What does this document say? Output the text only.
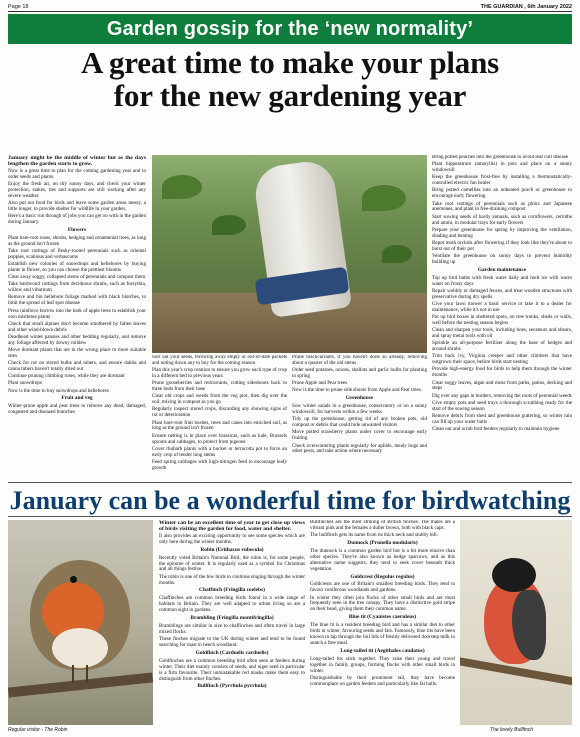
Page 18	THE GUARDIAN , 6th January 2022
Garden gossip for the ‘new normality’
A great time to make your plans
for the new gardening year

January might be the middle of winter but as the days lengthen the garden starts to grow.

Now is a great time to plan for the coming gardening year and to order seeds and plants.

Enjoy the fresh air, on dry sunny days, and check your winter protection, stakes, ties and supports are still working after any severe weather.

Also put out food for birds and leave some garden areas messy, a little longer, to provide shelter for wildlife in your garden.

Here's a basic run through of jobs you can get on with in the garden during January.

Flowers

Plant bare-root roses, shrubs, hedging and ornamental trees, as long as the ground isn't frozen

Take root cuttings of fleshy-rooted perennials such as oriental poppies, scabious and verbascums

Establish new colonies of snowdrops and hellebores by buying plants in flower, so you can choose the prettiest blooms

Clear away soggy, collapsed stems of perennials and compost them

Take hardwood cuttings from deciduous shrubs, such as forsythia, willow and viburnum

Remove and bin hellebore foliage marked with black blotches, to limit the spread of leaf spot disease

Press rainforce borrow into the bark of apple trees to establish your own mistletoe plants

Check that small alpines don't become smothered by fallen leaves and other wind-blown debris

Deadhead winter pansies and other bedding regularly, and remove any foliage affected by downy mildew

Move dormant plants that are in the wrong place to more suitable sites

Check for rot on stored bulbs and tubers, and ensure dahlia and canna tubers haven't totally dried out

Continue pruning climbing roses, while they are dormant

Plant snowdrops

Now is the time to buy snowdrops and hellebores

Fruit and veg

Winter-prune apple and pear trees to remove any dead, damaged, congested and diseased branches

Sort out your seeds, throwing away empty or out-of-date packets and noting down any to buy for the coming season

Plan this year's crop rotation to ensure you grow each type of crop in a different bed to previous years

Prune gooseberries and redcurrants, cutting sideshoots back to three buds from their base

Clear old crops and weeds from the veg plot, then dig over the soil, mixing in compost as you go

Regularly inspect stored crops, discarding any showing signs of rot or deterioration

Plant bare-root fruit bushes, trees and canes into enriched soil, as long as the ground isn't frozen

Ensure netting is in place over brassicas, such as kale, Brussels sprouts and cabbages, to protect from pigeons

Cover rhubarb plants with a bucket or terracotta pot to force an early crop of tender long stems

Feed spring cabbages with high-nitrogen feed to encourage leafy growth

Prune blackcurrants, if you haven't done so already, removing about a quarter of the old stems

Order seed potatoes, onions, shallots and garlic bulbs for planting in spring

Prune Apple and Pear trees

Now is the time to prune side shoots from Apple and Pear trees.

Greenhouse

Sow winter salads in a greenhouse, conservatory or on a sunny windowsill, for harvests within a few weeks

Tidy up the greenhouse, getting rid of any broken pots, old compost or debris that could hide unwanted visitors

Move potted strawberry plants under cover to encourage early fruiting

Check overwintering plants regularly for aphids, mealy bugs and other pests, and take action where necessary

Bring potted peaches into the greenhouse to avoid leaf curl disease

Plant hippeastrum (amaryllis) in pots and place on a sunny windowsill

Keep the greenhouse frost-free by installing a thermostatically-controlled electric fan heater

Bring potted camellias into an unheated porch or greenhouse to encourage early flowering

Take root cuttings of perennials such as phlox and Japanese anemones, and plant in free-draining compost

Start sowing seeds of hardy annuals, such as cornflowers, cerinthe and ammi, in modular trays for early flowers

Prepare your greenhouse for spring by improving the ventilation, shading and heating

Repot moth orchids after flowering if they look like they're about to burst out of their pot

Ventilate the greenhouse on sunny days to prevent humidity building up

Garden maintenance

Top up bird baths with fresh water daily and melt ice with warm water on frosty days

Repair wobbly or damaged fences, and treat wooden structures with preservative during dry spells

Give your lawn mower a basic service or take it to a dealer for maintenance, while it's not in use

Put up bird boxes in sheltered spots, on tree trunks, sheds or walls, well before the nesting season begins

Clean and sharpen your tools, including hoes, secateurs and shears, and spray metal tools with oil

Sprinkle an all-purpose fertiliser along the base of hedges and around shrubs

Trim back ivy, Virginia creeper and other climbers that have outgrown their space, before birds start nesting

Provide high-energy food for birds to help them through the winter months

Clear soggy leaves, algae and moss from paths, patios, decking and steps

Dig over any gaps in borders, removing the roots of perennial weeds

Give empty pots and seed trays a thorough scrubbing ready for the start of the sowing season

Remove debris from shed and greenhouse guttering, so winter rain can fill up your water butts

Clean out and scrub bird feeders regularly to maintain hygiene

January can be a wonderful time for birdwatching
Regular visitor - The Robin

Winter can be an excellent time of year to get close up views of birds visiting the garden for food, water and shelter.

It also provides an exciting opportunity to see some species which are only here during the winter months.

Robin (Erithacus rubecula)

Recently voted Britain's National Bird, the robin is, for some people, the epitome of winter. It is regularly used as a symbol for Christmas and all things festive.

The robin is one of the few birds to continue singing through the winter months.

Chaffinch (Fringilla coelebs)

Chaffinches are common breeding birds found in a wide range of habitats in Britain. They are well adapted to urban living so are a common sight in gardens.

Brambling (Fringilla montifringilla)

Bramblings are similar in size to chaffinches and often travel in large mixed flocks.

These finches migrate to the UK during winter and tend to be found searching for mast in beech woodland.

Goldfinch (Carduelis carduelis)

Goldfinches are a common breeding bird often seen at feeders during winter. Their diet mainly consists of seeds, and niger seed in particular is a firm favourite. Their unmistakable red masks make them easy to distinguish from other finches.

Bullfinch (Pyrrhula pyrrhula)

Bullfinches are the most striking of British finches. The males are a vibrant pink and the females a duller brown, both with black caps.

The bullfinch gets its name from its thick neck and stubby bill.

Dunnock (Prunella modularis)

The dunnock is a common garden bird but is a bit more elusive than other species. They're also known as hedge sparrows, and as this alternative name suggests, they tend to seek cover beneath thick vegetation.

Goldcrest (Regulus regulus)

Goldcrests are one of Britain's smallest breeding birds. They tend to favour coniferous woodlands and gardens.

In winter they often join flocks of other small birds and are most frequently seen in the tree canopy. They have a distinctive gold stripe on their head, giving them their common name.

Blue tit (Cyanistes caeruleus)

The blue tit is a resident breeding bird and has a similar diet to other birds in winter, favouring seeds and fats. Famously, blue tits have been known to tap through the foil lids of freshly delivered doorstep milk to snatch a free meal.

Long-tailed tit (Aegithalos caudatus)

Long-tailed tits stick together. They raise their young and travel together in family groups, forming flocks with other small birds in winter.

Distinguishable by their prominent tail, they have become commonplace on garden feeders and particularly like fat balls.

The lovely Bullfinch
